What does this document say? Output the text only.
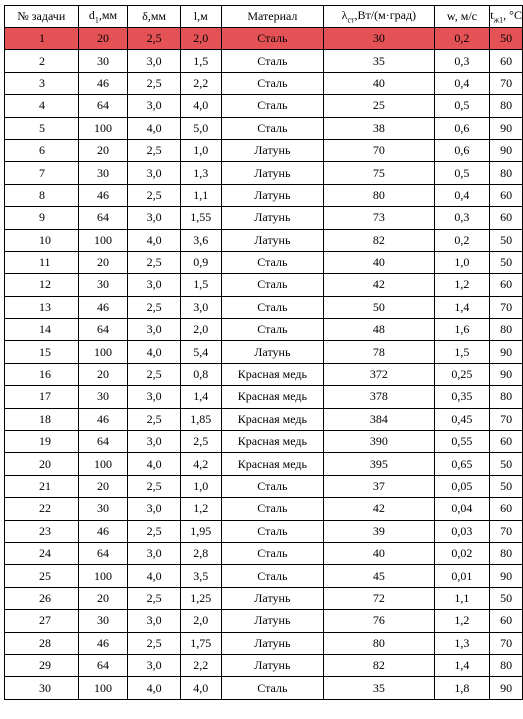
№ задачи	$d_1,мм$	δ,мм	l,м	Материал	$\lambda_{ст},Вт/(м\cdot град)$	w, м/с	$t_{ж1}$, °С
1	20	2,5	2,0	Сталь	30	0,2	50
2	30	3,0	1,5	Сталь	35	0,3	60
3	46	2,5	2,2	Сталь	40	0,4	70
4	64	3,0	4,0	Сталь	25	0,5	80
5	100	4,0	5,0	Сталь	38	0,6	90
6	20	2,5	1,0	Латунь	70	0,6	90
7	30	3,0	1,3	Латунь	75	0,5	80
8	46	2,5	1,1	Латунь	80	0,4	60
9	64	3,0	1,55	Латунь	73	0,3	60
10	100	4,0	3,6	Латунь	82	0,2	50
11	20	2,5	0,9	Сталь	40	1,0	50
12	30	3,0	1,5	Сталь	42	1,2	60
13	46	2,5	3,0	Сталь	50	1,4	70
14	64	3,0	2,0	Сталь	48	1,6	80
15	100	4,0	5,4	Латунь	78	1,5	90
16	20	2,5	0,8	Красная медь	372	0,25	90
17	30	3,0	1,4	Красная медь	378	0,35	80
18	46	2,5	1,85	Красная медь	384	0,45	70
19	64	3,0	2,5	Красная медь	390	0,55	60
20	100	4,0	4,2	Красная медь	395	0,65	50
21	20	2,5	1,0	Сталь	37	0,05	50
22	30	3,0	1,2	Сталь	42	0,04	60
23	46	2,5	1,95	Сталь	39	0,03	70
24	64	3,0	2,8	Сталь	40	0,02	80
25	100	4,0	3,5	Сталь	45	0,01	90
26	20	2,5	1,25	Латунь	72	1,1	50
27	30	3,0	2,0	Латунь	76	1,2	60
28	46	2,5	1,75	Латунь	80	1,3	70
29	64	3,0	2,2	Латунь	82	1,4	80
30	100	4,0	4,0	Сталь	35	1,8	90
